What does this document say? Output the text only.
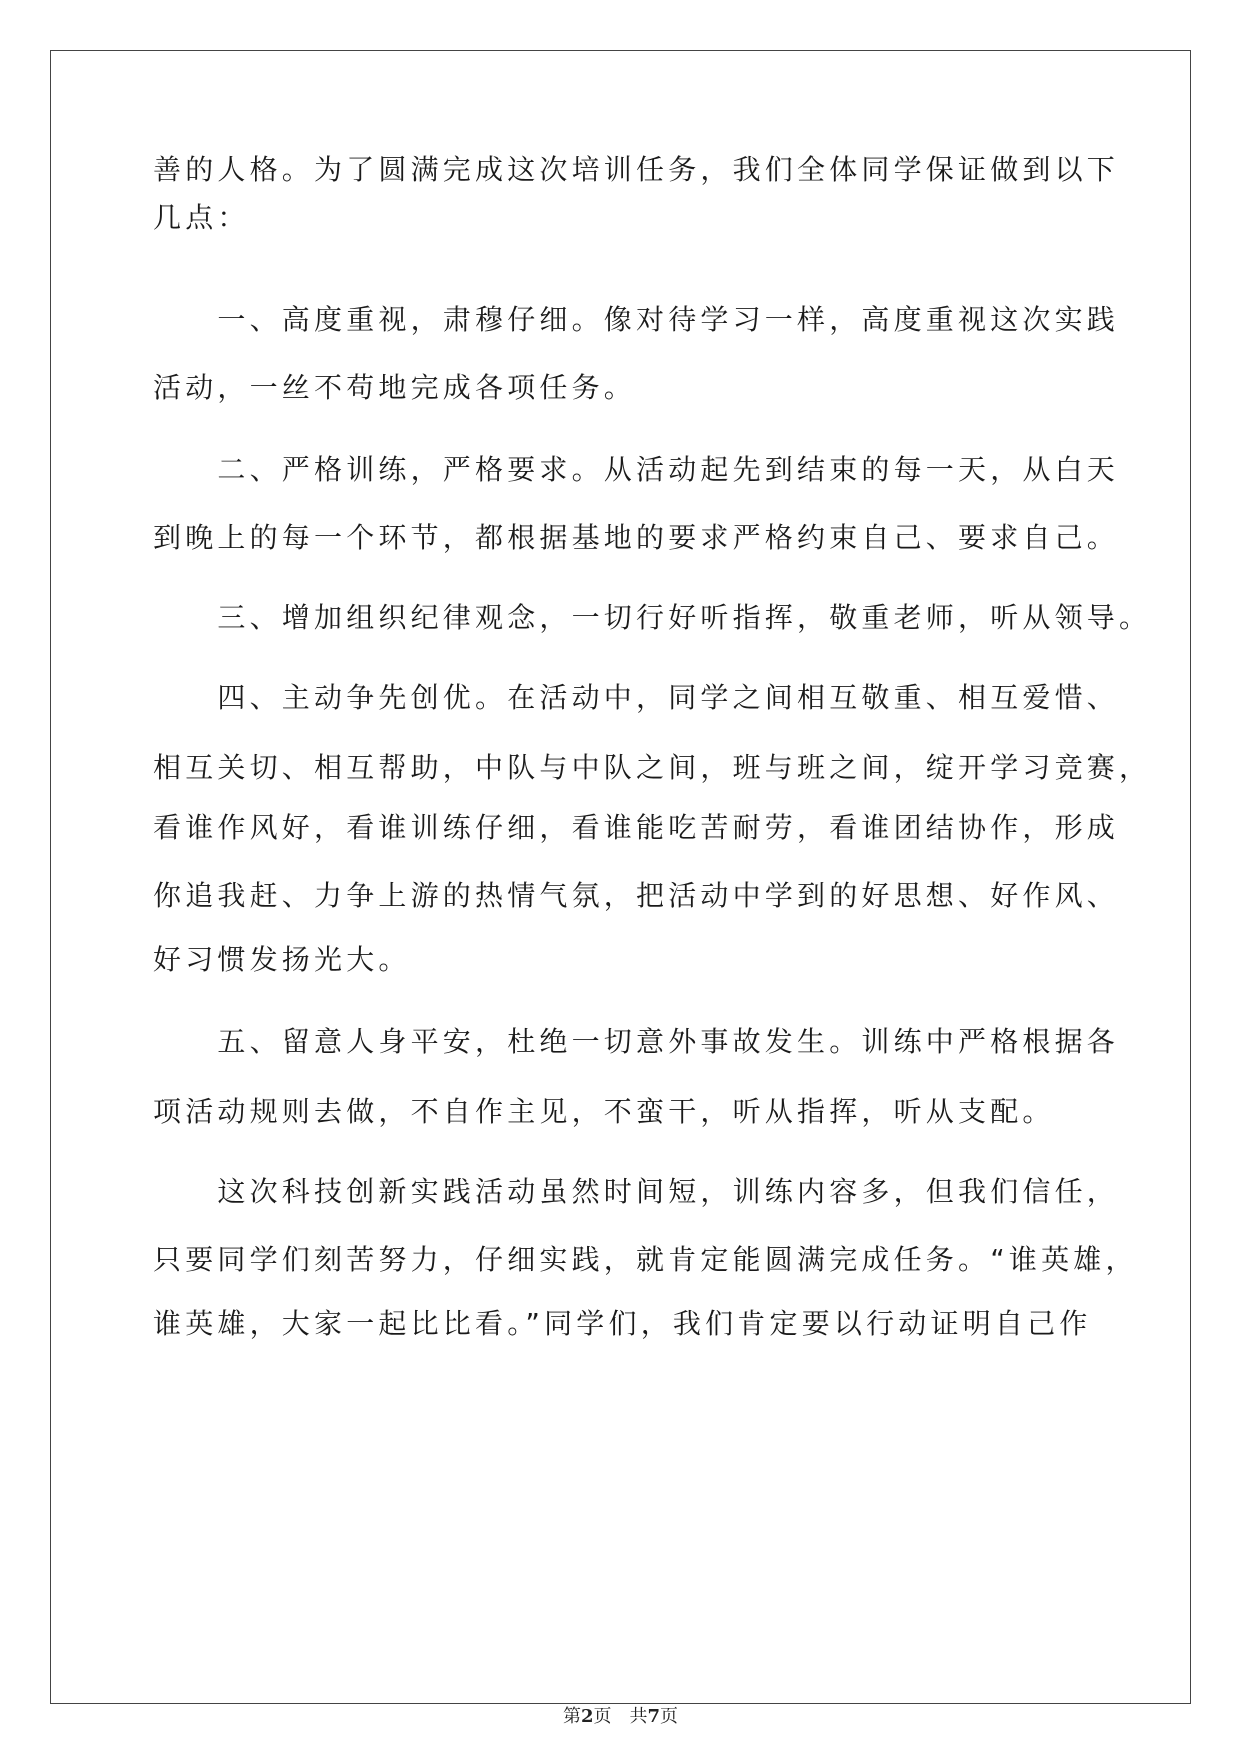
善的人格。为了圆满完成这次培训任务，我们全体同学保证做到以下

几点：

　　一、高度重视，肃穆仔细。像对待学习一样，高度重视这次实践

活动，一丝不苟地完成各项任务。

　　二、严格训练，严格要求。从活动起先到结束的每一天，从白天

到晚上的每一个环节，都根据基地的要求严格约束自己、要求自己。

　　三、增加组织纪律观念，一切行好听指挥，敬重老师，听从领导。

　　四、主动争先创优。在活动中，同学之间相互敬重、相互爱惜、

相互关切、相互帮助，中队与中队之间，班与班之间，绽开学习竞赛，

看谁作风好，看谁训练仔细，看谁能吃苦耐劳，看谁团结协作，形成

你追我赶、力争上游的热情气氛，把活动中学到的好思想、好作风、

好习惯发扬光大。

　　五、留意人身平安，杜绝一切意外事故发生。训练中严格根据各

项活动规则去做，不自作主见，不蛮干，听从指挥，听从支配。

　　这次科技创新实践活动虽然时间短，训练内容多，但我们信任，

只要同学们刻苦努力，仔细实践，就肯定能圆满完成任务。“谁英雄，

谁英雄，大家一起比比看。”同学们，我们肯定要以行动证明自己作

第2页 共7页
